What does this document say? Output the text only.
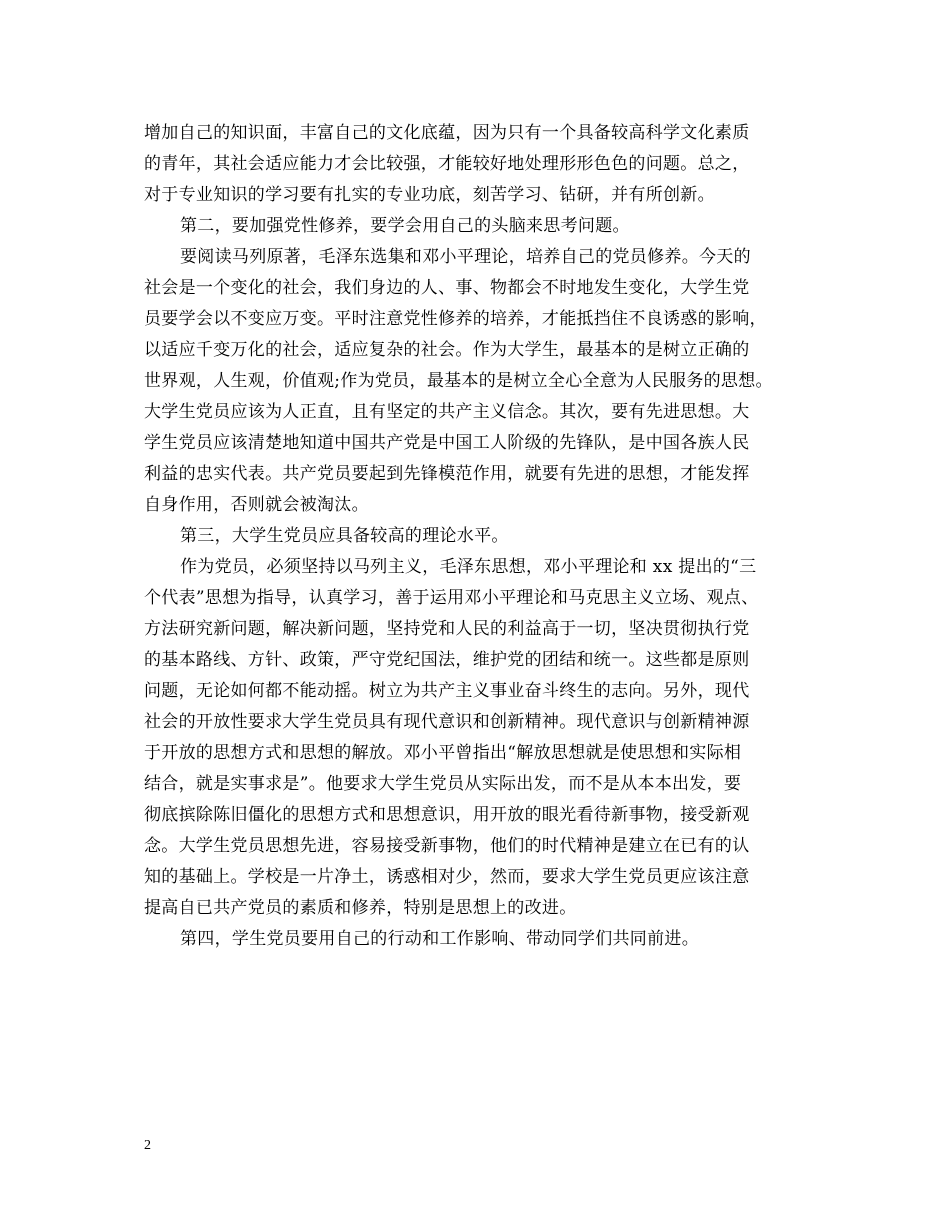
增加自己的知识面，丰富自己的文化底蕴，因为只有一个具备较高科学文化素质
的青年，其社会适应能力才会比较强，才能较好地处理形形色色的问题。总之，
对于专业知识的学习要有扎实的专业功底，刻苦学习、钻研，并有所创新。
第二，要加强党性修养，要学会用自己的头脑来思考问题。
要阅读马列原著，毛泽东选集和邓小平理论，培养自己的党员修养。今天的
社会是一个变化的社会，我们身边的人、事、物都会不时地发生变化，大学生党
员要学会以不变应万变。平时注意党性修养的培养，才能抵挡住不良诱惑的影响，
以适应千变万化的社会，适应复杂的社会。作为大学生，最基本的是树立正确的
世界观，人生观，价值观;作为党员，最基本的是树立全心全意为人民服务的思想。
大学生党员应该为人正直，且有坚定的共产主义信念。其次，要有先进思想。大
学生党员应该清楚地知道中国共产党是中国工人阶级的先锋队，是中国各族人民
利益的忠实代表。共产党员要起到先锋模范作用，就要有先进的思想，才能发挥
自身作用，否则就会被淘汰。
第三，大学生党员应具备较高的理论水平。
作为党员，必须坚持以马列主义，毛泽东思想，邓小平理论和 xx 提出的“三
个代表”思想为指导，认真学习，善于运用邓小平理论和马克思主义立场、观点、
方法研究新问题，解决新问题，坚持党和人民的利益高于一切，坚决贯彻执行党
的基本路线、方针、政策，严守党纪国法，维护党的团结和统一。这些都是原则
问题，无论如何都不能动摇。树立为共产主义事业奋斗终生的志向。另外，现代
社会的开放性要求大学生党员具有现代意识和创新精神。现代意识与创新精神源
于开放的思想方式和思想的解放。邓小平曾指出“解放思想就是使思想和实际相
结合，就是实事求是”。他要求大学生党员从实际出发，而不是从本本出发，要
彻底摈除陈旧僵化的思想方式和思想意识，用开放的眼光看待新事物，接受新观
念。大学生党员思想先进，容易接受新事物，他们的时代精神是建立在已有的认
知的基础上。学校是一片净土，诱惑相对少，然而，要求大学生党员更应该注意
提高自已共产党员的素质和修养，特别是思想上的改进。
第四，学生党员要用自己的行动和工作影响、带动同学们共同前进。
2
